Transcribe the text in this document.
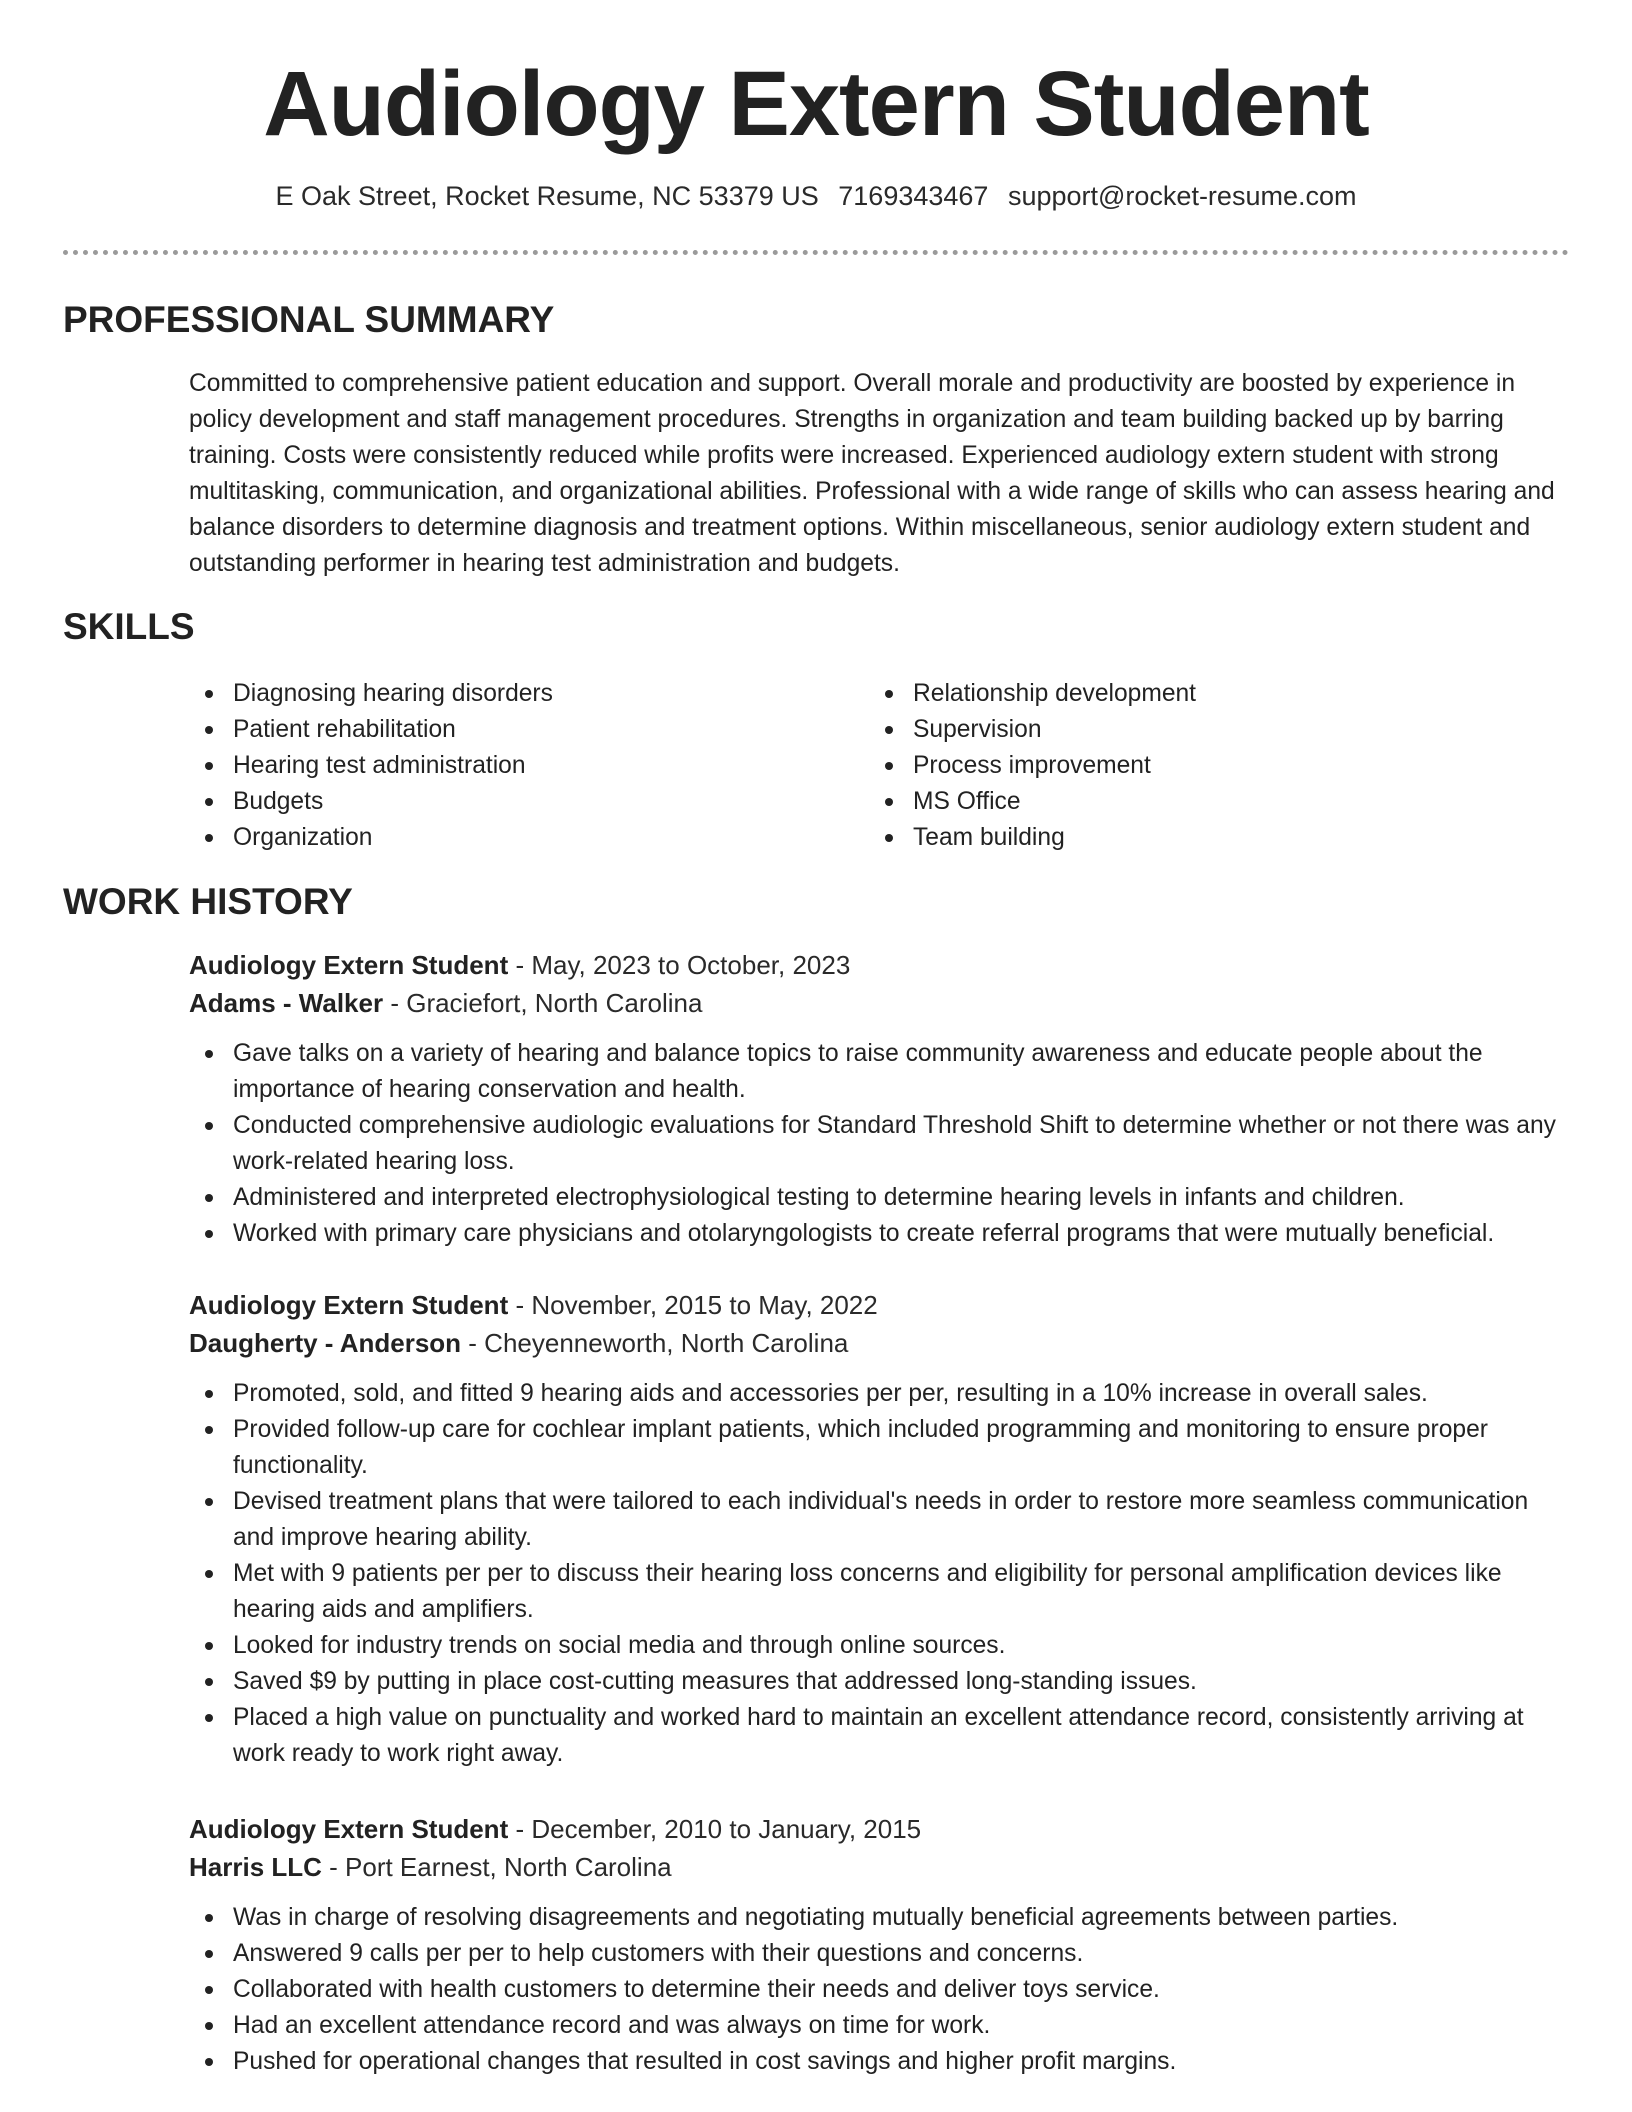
Audiology Extern Student
E Oak Street, Rocket Resume, NC 53379 US 7169343467 support@rocket-resume.com
PROFESSIONAL SUMMARY

Committed to comprehensive patient education and support. Overall morale and productivity are boosted by experience in policy development and staff management procedures. Strengths in organization and team building backed up by barring training. Costs were consistently reduced while profits were increased. Experienced audiology extern student with strong multitasking, communication, and organizational abilities. Professional with a wide range of skills who can assess hearing and balance disorders to determine diagnosis and treatment options. Within miscellaneous, senior audiology extern student and outstanding performer in hearing test administration and budgets.

SKILLS
Diagnosing hearing disorders
Patient rehabilitation
Hearing test administration
Budgets
Organization
Relationship development
Supervision
Process improvement
MS Office
Team building
WORK HISTORY

Audiology Extern Student - May, 2023 to October, 2023

Adams - Walker - Graciefort, North Carolina

Gave talks on a variety of hearing and balance topics to raise community awareness and educate people about the importance of hearing conservation and health.
Conducted comprehensive audiologic evaluations for Standard Threshold Shift to determine whether or not there was any work-related hearing loss.
Administered and interpreted electrophysiological testing to determine hearing levels in infants and children.
Worked with primary care physicians and otolaryngologists to create referral programs that were mutually beneficial.

Audiology Extern Student - November, 2015 to May, 2022

Daugherty - Anderson - Cheyenneworth, North Carolina

Promoted, sold, and fitted 9 hearing aids and accessories per per, resulting in a 10% increase in overall sales.
Provided follow-up care for cochlear implant patients, which included programming and monitoring to ensure proper functionality.
Devised treatment plans that were tailored to each individual's needs in order to restore more seamless communication and improve hearing ability.
Met with 9 patients per per to discuss their hearing loss concerns and eligibility for personal amplification devices like hearing aids and amplifiers.
Looked for industry trends on social media and through online sources.
Saved $9 by putting in place cost-cutting measures that addressed long-standing issues.
Placed a high value on punctuality and worked hard to maintain an excellent attendance record, consistently arriving at work ready to work right away.

Audiology Extern Student - December, 2010 to January, 2015

Harris LLC - Port Earnest, North Carolina

Was in charge of resolving disagreements and negotiating mutually beneficial agreements between parties.
Answered 9 calls per per to help customers with their questions and concerns.
Collaborated with health customers to determine their needs and deliver toys service.
Had an excellent attendance record and was always on time for work.
Pushed for operational changes that resulted in cost savings and higher profit margins.
